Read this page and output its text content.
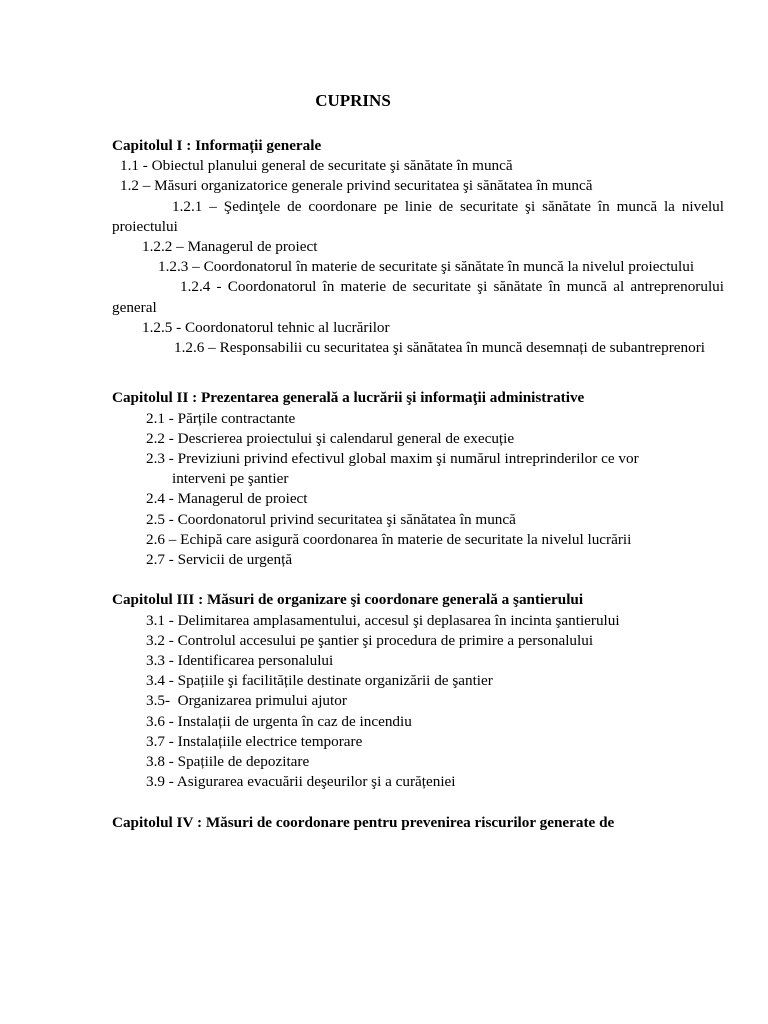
CUPRINS
Capitolul I : Informații generale
1.1 - Obiectul planului general de securitate şi sănătate în muncă
1.2 – Măsuri organizatorice generale privind securitatea şi sănătatea în muncă
1.2.1 – Şedinţele de coordonare pe linie de securitate şi sănătate în muncă la nivelul proiectului
1.2.2 – Managerul de proiect
1.2.3 – Coordonatorul în materie de securitate şi sănătate în muncă la nivelul proiectului
1.2.4 - Coordonatorul în materie de securitate şi sănătate în muncă al antreprenorului general
1.2.5 - Coordonatorul tehnic al lucrărilor
1.2.6 – Responsabilii cu securitatea şi sănătatea în muncă desemnați de subantreprenori
Capitolul II : Prezentarea generală a lucrării şi informaţii administrative
2.1 - Părțile contractante
2.2 - Descrierea proiectului şi calendarul general de execuție
2.3 - Previziuni privind efectivul global maxim şi numărul intreprinderilor ce vor
interveni pe şantier
2.4 - Managerul de proiect
2.5 - Coordonatorul privind securitatea şi sănătatea în muncă
2.6 – Echipă care asigură coordonarea în materie de securitate la nivelul lucrării
2.7 - Servicii de urgență
Capitolul III : Măsuri de organizare şi coordonare generală a şantierului
3.1 - Delimitarea amplasamentului, accesul şi deplasarea în incinta şantierului
3.2 - Controlul accesului pe şantier şi procedura de primire a personalului
3.3 - Identificarea personalului
3.4 - Spațiile şi facilitățile destinate organizării de şantier
3.5-  Organizarea primului ajutor
3.6 - Instalații de urgenta în caz de incendiu
3.7 - Instalațiile electrice temporare
3.8 - Spațiile de depozitare
3.9 - Asigurarea evacuării deşeurilor şi a curățeniei
Capitolul IV : Măsuri de coordonare pentru prevenirea riscurilor generate de
